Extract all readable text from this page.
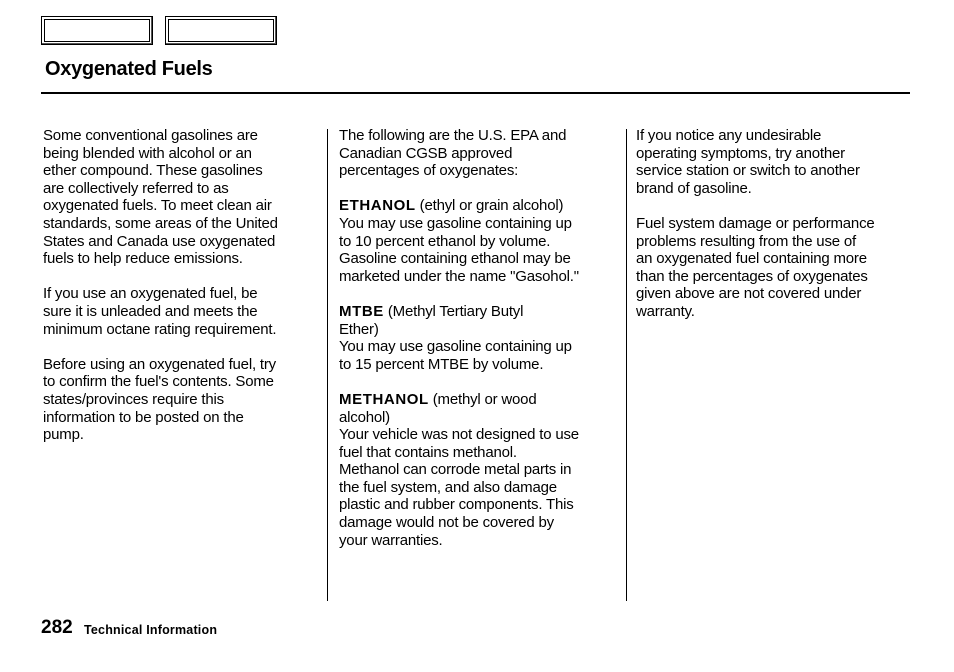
Oxygenated Fuels

Some conventional gasolines are
being blended with alcohol or an
ether compound. These gasolines
are collectively referred to as
oxygenated fuels. To meet clean air
standards, some areas of the United
States and Canada use oxygenated
fuels to help reduce emissions.

If you use an oxygenated fuel, be
sure it is unleaded and meets the
minimum octane rating requirement.

Before using an oxygenated fuel, try
to confirm the fuel's contents. Some
states/provinces require this
information to be posted on the
pump.

The following are the U.S. EPA and
Canadian CGSB approved
percentages of oxygenates:

ETHANOL (ethyl or grain alcohol)
You may use gasoline containing up
to 10 percent ethanol by volume.
Gasoline containing ethanol may be
marketed under the name "Gasohol."

MTBE (Methyl Tertiary Butyl
Ether)
You may use gasoline containing up
to 15 percent MTBE by volume.

METHANOL (methyl or wood
alcohol)
Your vehicle was not designed to use
fuel that contains methanol.
Methanol can corrode metal parts in
the fuel system, and also damage
plastic and rubber components. This
damage would not be covered by
your warranties.

If you notice any undesirable
operating symptoms, try another
service station or switch to another
brand of gasoline.

Fuel system damage or performance
problems resulting from the use of
an oxygenated fuel containing more
than the percentages of oxygenates
given above are not covered under
warranty.

282 Technical Information
